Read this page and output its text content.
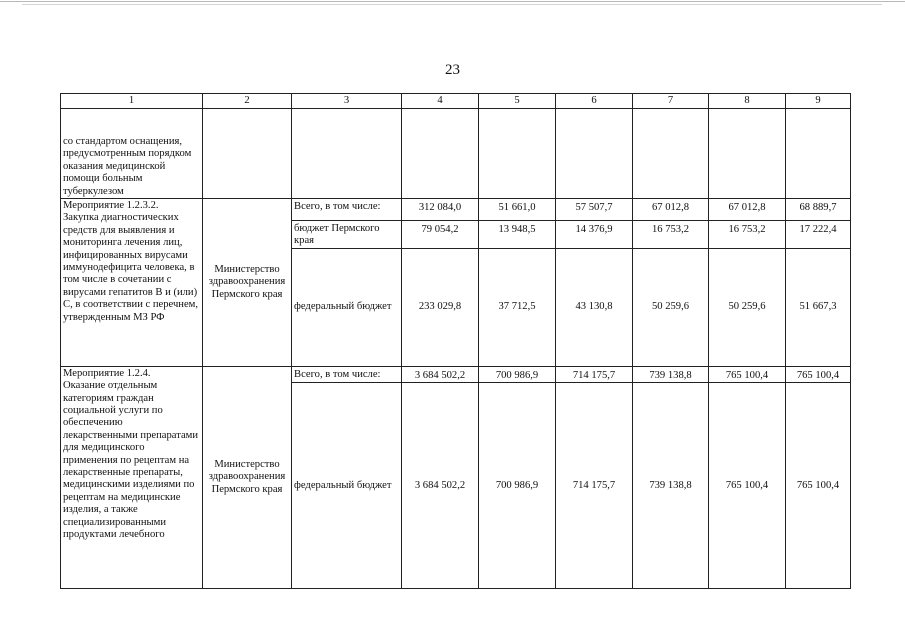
23
1	2	3	4	5	6	7	8	9
со стандартом оснащения, предусмотренным порядком оказания медицинской помощи больным туберкулезом								

Мероприятие 1.2.3.2.
Закупка диагностических средств для выявления и мониторинга лечения лиц, инфицированных вирусами иммунодефицита человека, в том числе в сочетании с вирусами гепатитов В и (или) С, в соответствии с перечнем, утвержденным МЗ РФ	Министерство здравоохранения Пермского края	Всего, в том числе:	312 084,0	51 661,0	57 507,7	67 012,8	67 012,8	68 889,7
		бюджет Пермского края	79 054,2	13 948,5	14 376,9	16 753,2	16 753,2	17 222,4
		федеральный бюджет	233 029,8	37 712,5	43 130,8	50 259,6	50 259,6	51 667,3

Мероприятие 1.2.4.
Оказание отдельным категориям граждан социальной услуги по обеспечению лекарственными препаратами для медицинского применения по рецептам на лекарственные препараты, медицинскими изделиями по рецептам на медицинские изделия, а также специализированными продуктами лечебного	Министерство здравоохранения Пермского края	Всего, в том числе:	3 684 502,2	700 986,9	714 175,7	739 138,8	765 100,4	765 100,4
		федеральный бюджет	3 684 502,2	700 986,9	714 175,7	739 138,8	765 100,4	765 100,4
